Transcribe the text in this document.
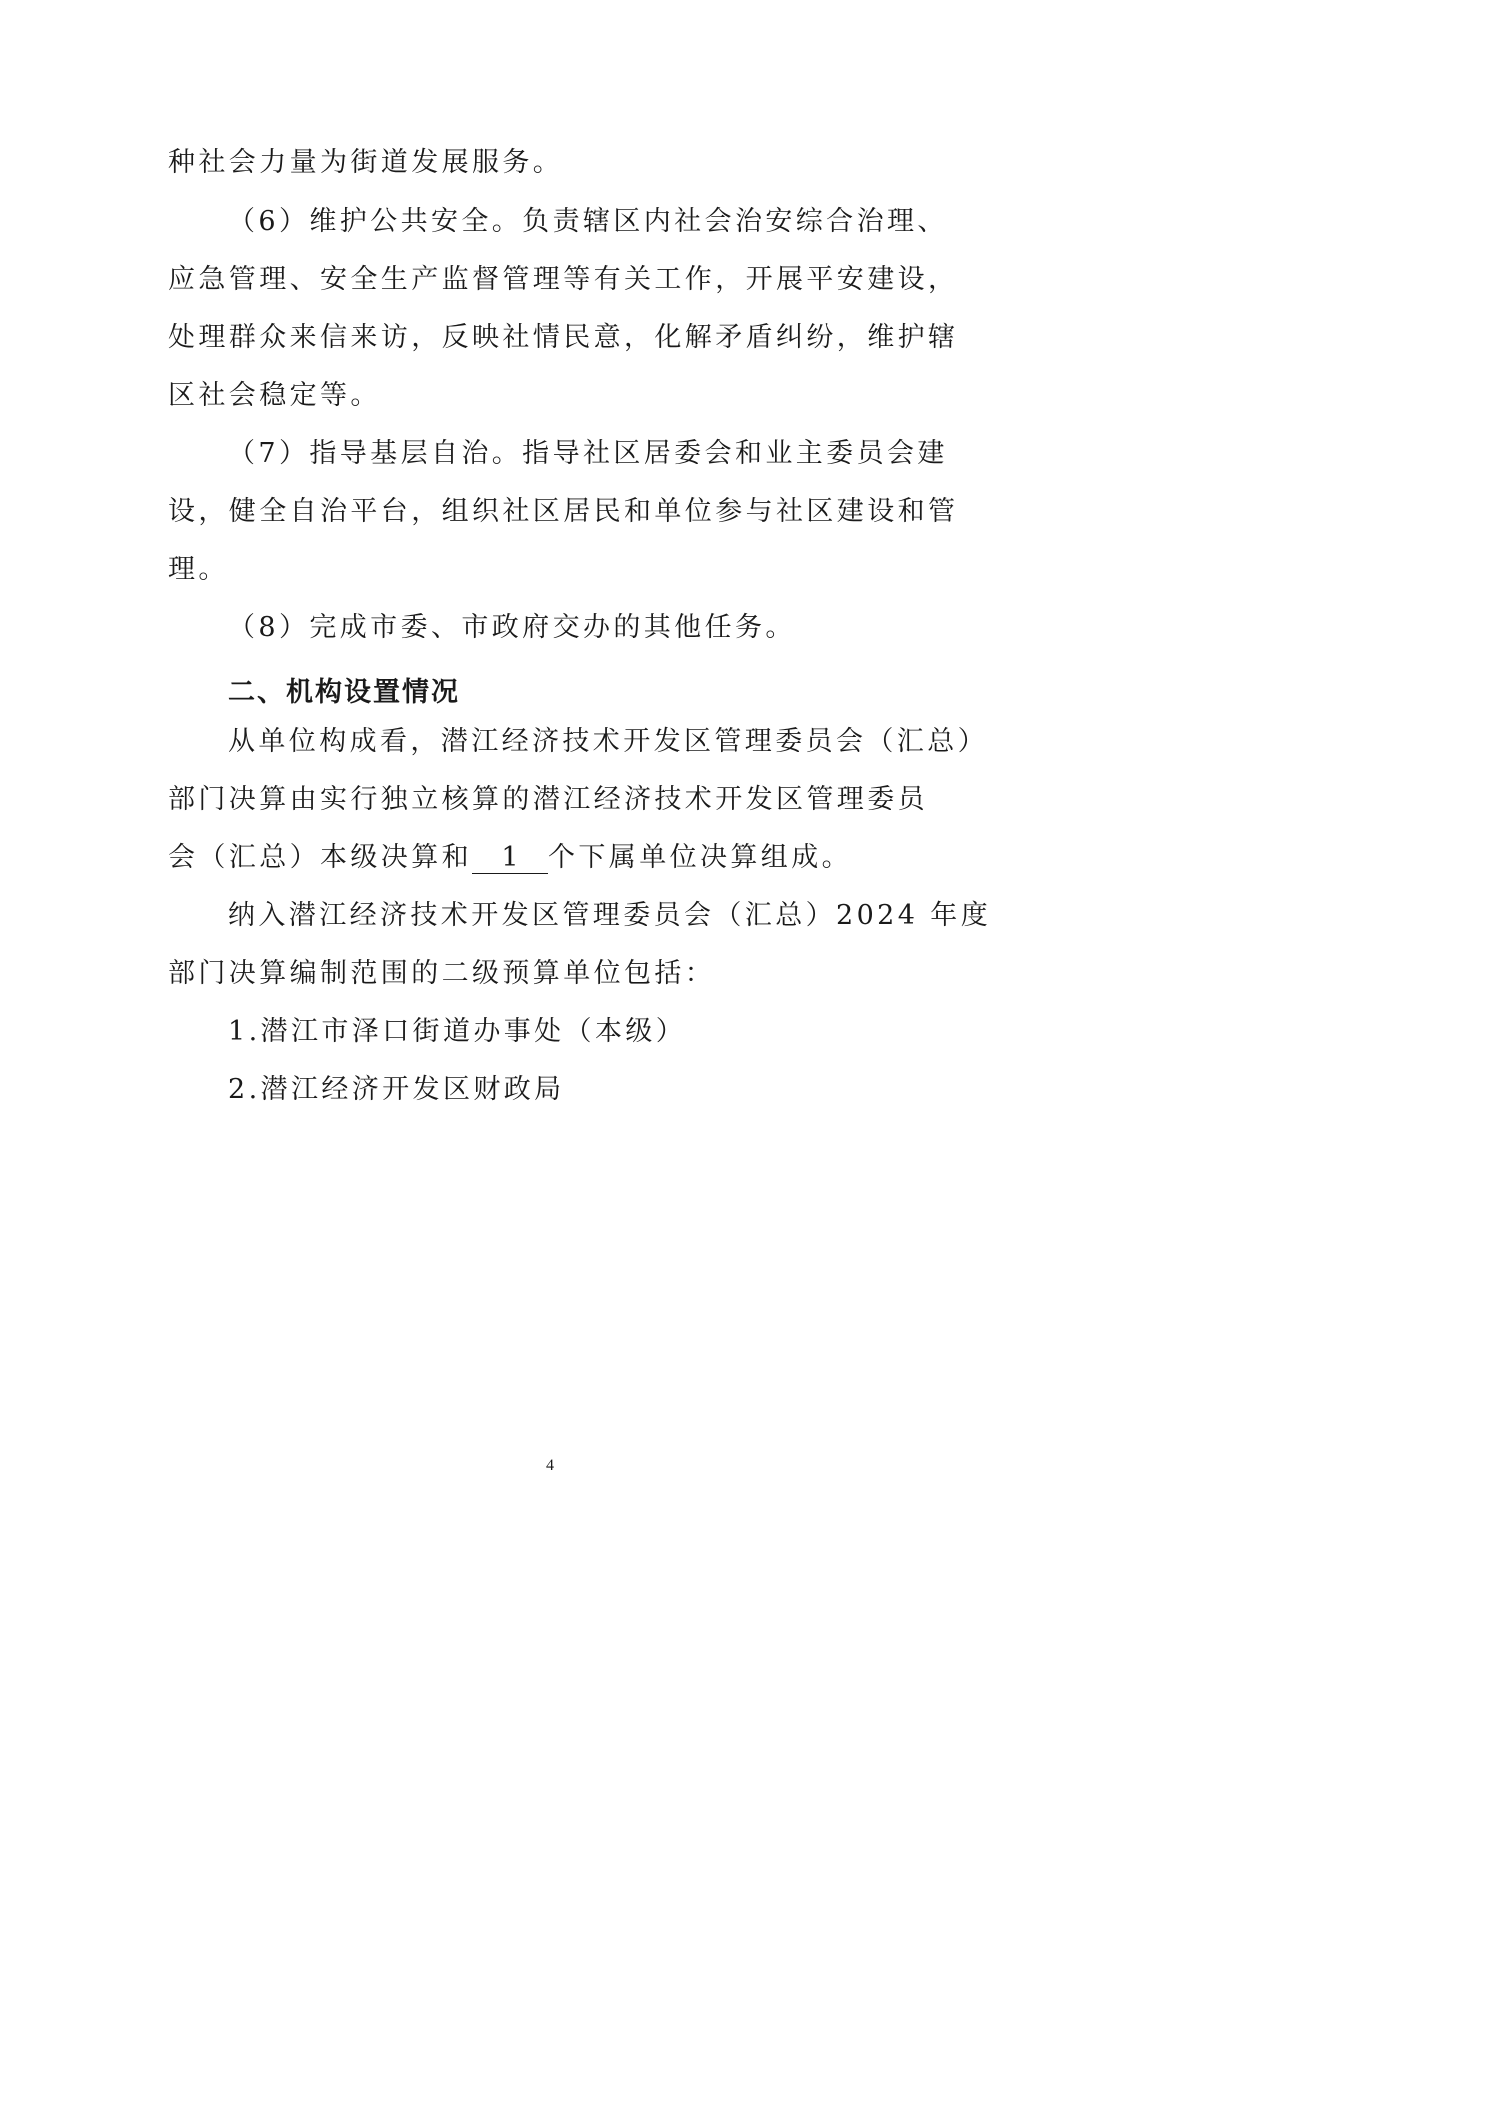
种社会力量为街道发展服务。
（6）维护公共安全。负责辖区内社会治安综合治理、
应急管理、安全生产监督管理等有关工作，开展平安建设，
处理群众来信来访，反映社情民意，化解矛盾纠纷，维护辖
区社会稳定等。
（7）指导基层自治。指导社区居委会和业主委员会建
设，健全自治平台，组织社区居民和单位参与社区建设和管
理。
（8）完成市委、市政府交办的其他任务。
二、机构设置情况
从单位构成看，潜江经济技术开发区管理委员会（汇总）
部门决算由实行独立核算的潜江经济技术开发区管理委员
会（汇总）本级决算和 1 个下属单位决算组成。
纳入潜江经济技术开发区管理委员会（汇总）2024 年度
部门决算编制范围的二级预算单位包括：
1.潜江市泽口街道办事处（本级）
2.潜江经济开发区财政局
4
